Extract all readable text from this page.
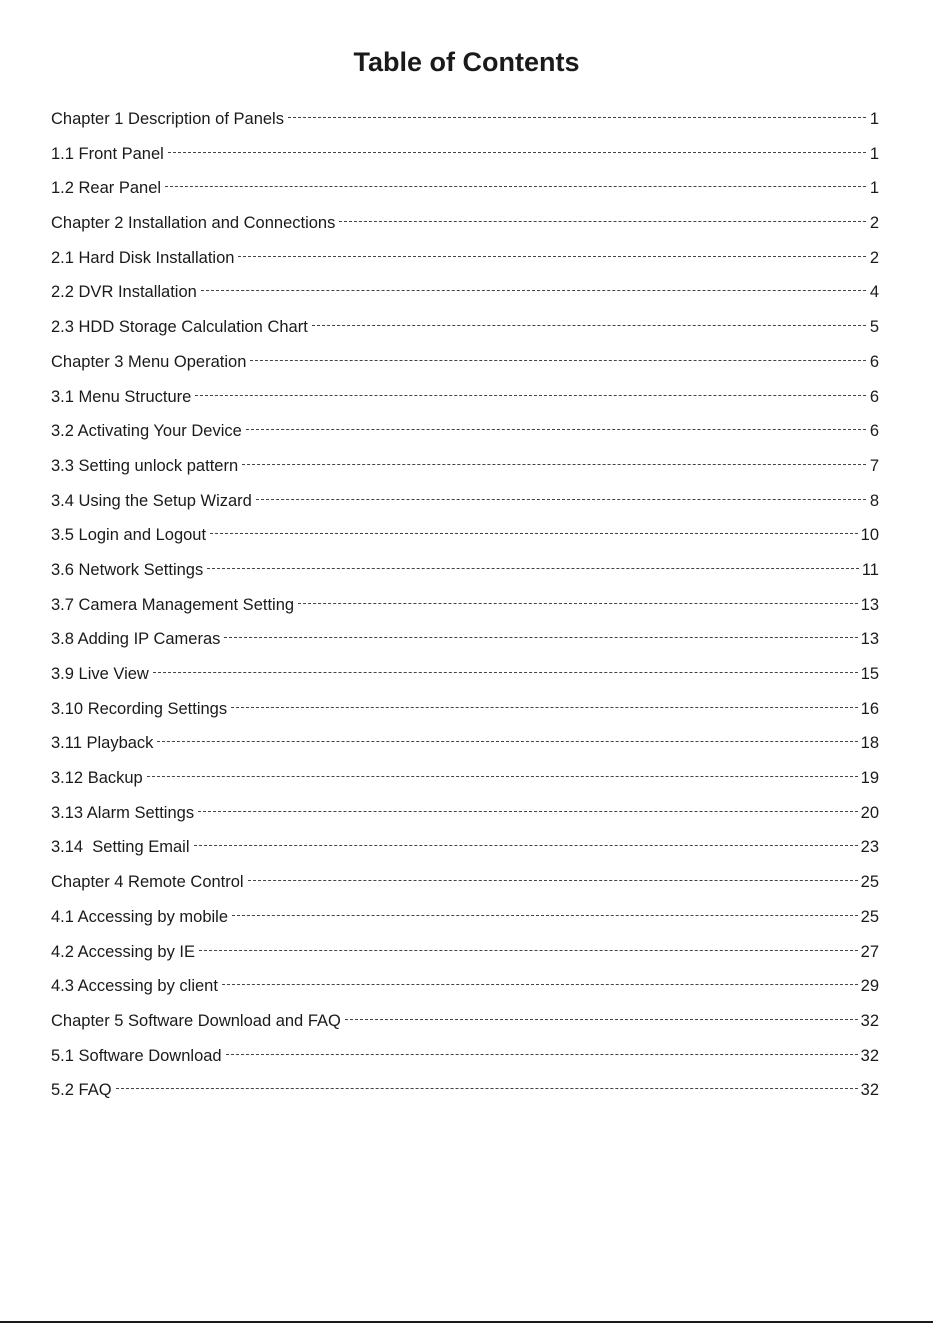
Table of Contents
Chapter 1 Description of Panels	1
1.1 Front Panel	1
1.2 Rear Panel	1
Chapter 2 Installation and Connections	2
2.1 Hard Disk Installation	2
2.2 DVR Installation	4
2.3 HDD Storage Calculation Chart	5
Chapter 3 Menu Operation	6
3.1 Menu Structure	6
3.2 Activating Your Device	6
3.3 Setting unlock pattern	7
3.4 Using the Setup Wizard	8
3.5 Login and Logout	10
3.6 Network Settings	11
3.7 Camera Management Setting	13
3.8 Adding IP Cameras	13
3.9 Live View	15
3.10 Recording Settings	16
3.11 Playback	18
3.12 Backup	19
3.13 Alarm Settings	20
3.14  Setting Email	23
Chapter 4 Remote Control	25
4.1 Accessing by mobile	25
4.2 Accessing by IE	27
4.3 Accessing by client	29
Chapter 5 Software Download and FAQ	32
5.1 Software Download	32
5.2 FAQ	32
